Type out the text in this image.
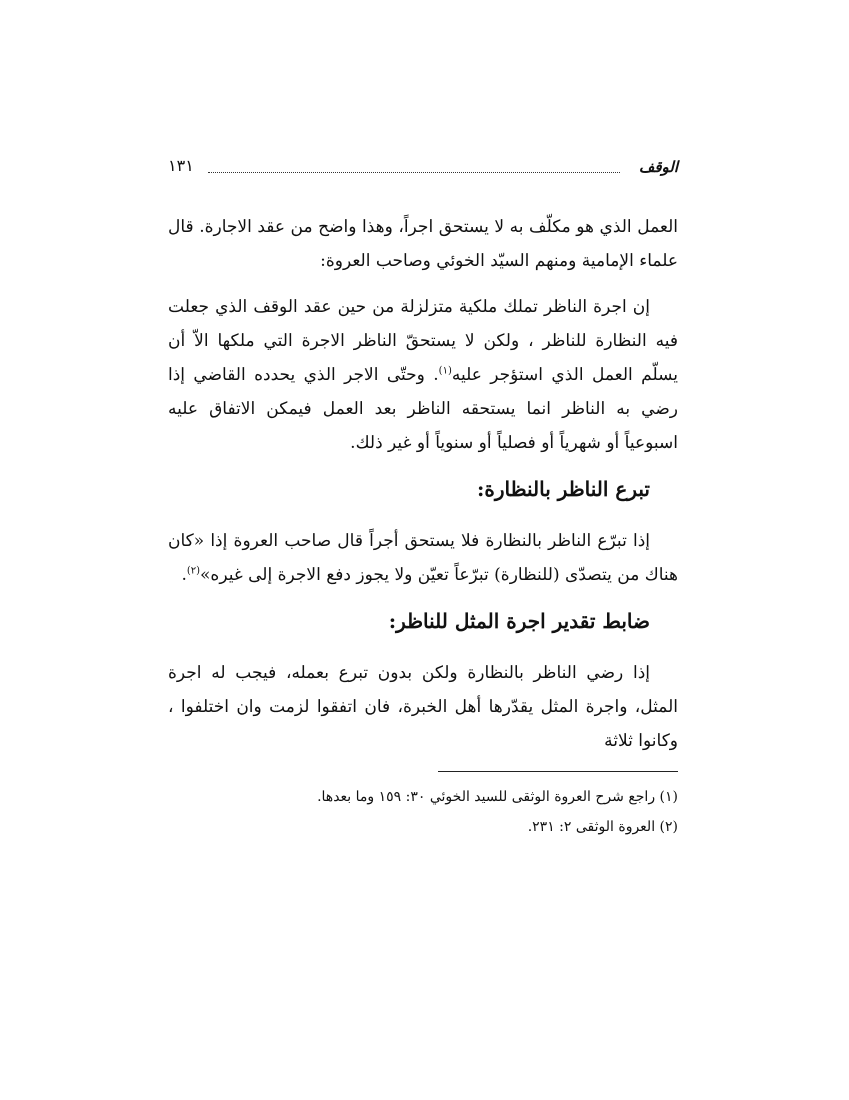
الوقف
١٣١

العمل الذي هو مكلّف به لا يستحق اجراً، وهذا واضح من عقد الاجارة. قال علماء الإمامية ومنهم السيّد الخوئي وصاحب العروة:

إن اجرة الناظر تملك ملكية متزلزلة من حين عقد الوقف الذي جعلت فيه النظارة للناظر ، ولكن لا يستحقّ الناظر الاجرة التي ملكها الاّ أن يسلّم العمل الذي استؤجر عليه$^{(١)}$. وحتّى الاجر الذي يحدده القاضي إذا رضي به الناظر انما يستحقه الناظر بعد العمل فيمكن الاتفاق عليه اسبوعياً أو شهرياً أو فصلياً أو سنوياً أو غير ذلك.

تبرع الناظر بالنظارة:

إذا تبرّع الناظر بالنظارة فلا يستحق أجراً قال صاحب العروة إذا «كان هناك من يتصدّى (للنظارة) تبرّعاً تعيّن ولا يجوز دفع الاجرة إلى غيره»$^{(٢)}$.

ضابط تقدير اجرة المثل للناظر:

إذا رضي الناظر بالنظارة ولكن بدون تبرع بعمله، فيجب له اجرة المثل، واجرة المثل يقدّرها أهل الخبرة، فان اتفقوا لزمت وان اختلفوا ، وكانوا ثلاثة

(١) راجع شرح العروة الوثقى للسيد الخوئي ٣٠: ١٥٩ وما بعدها.
(٢) العروة الوثقى ٢: ٢٣١.
